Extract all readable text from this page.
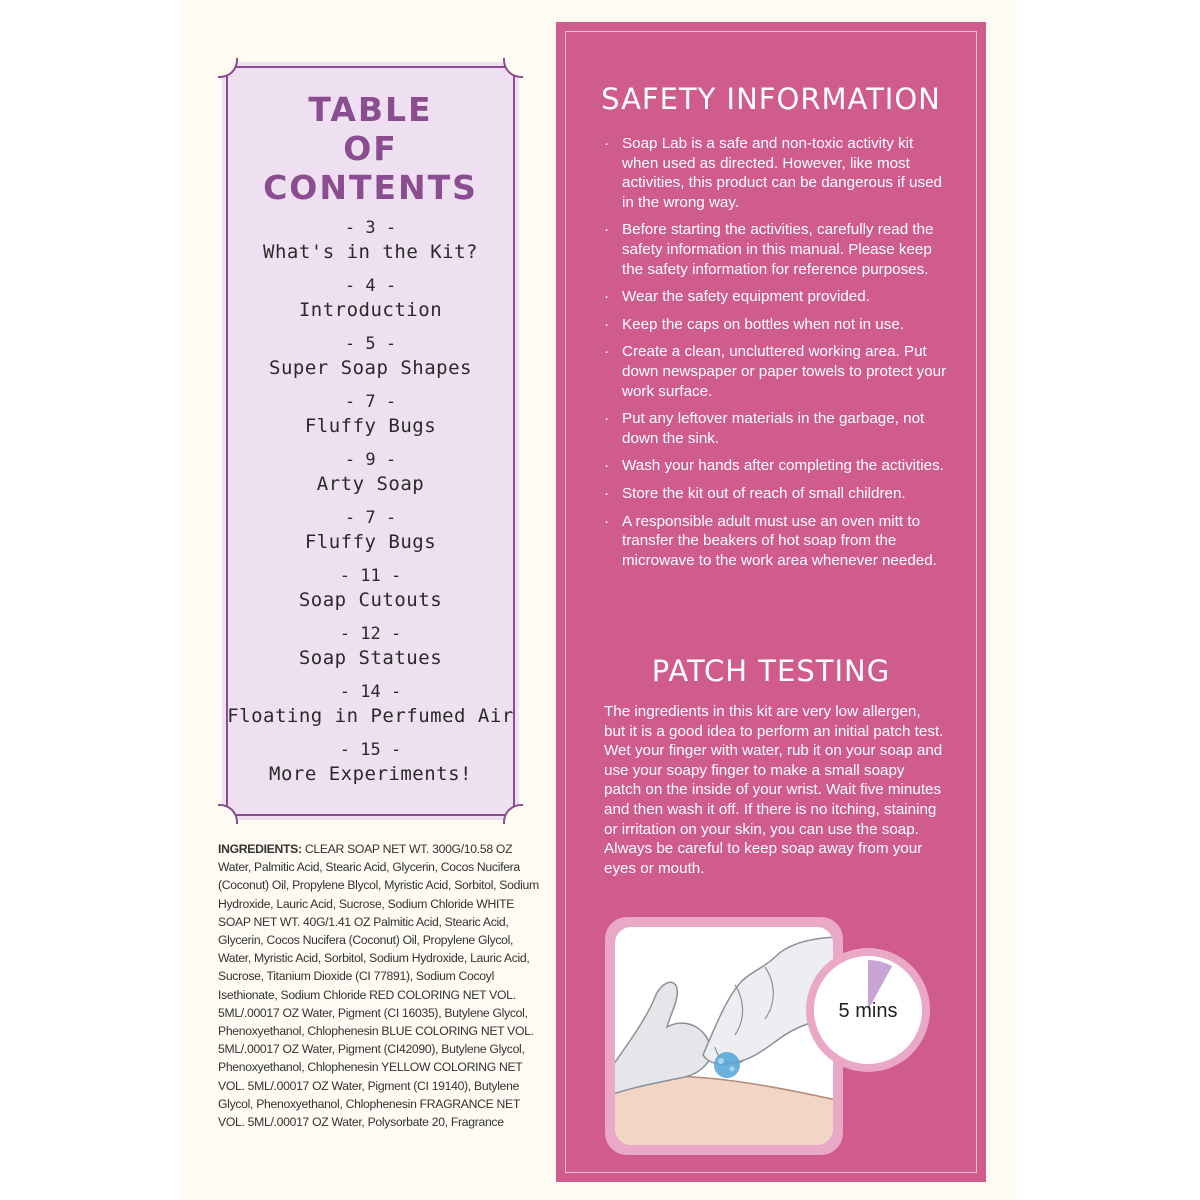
TABLE
OF
CONTENTS
- 3 -
What's in the Kit?
- 4 -
Introduction
- 5 -
Super Soap Shapes
- 7 -
Fluffy Bugs
- 9 -
Arty Soap
- 7 -
Fluffy Bugs
- 11 -
Soap Cutouts
- 12 -
Soap Statues
- 14 -
Floating in Perfumed Air
- 15 -
More Experiments!
INGREDIENTS: CLEAR SOAP NET WT. 300G/10.58 OZ Water, Palmitic Acid, Stearic Acid, Glycerin, Cocos Nucifera (Coconut) Oil, Propylene Blycol, Myristic Acid, Sorbitol, Sodium Hydroxide, Lauric Acid, Sucrose, Sodium Chloride WHITE SOAP NET WT. 40G/1.41 OZ Palmitic Acid, Stearic Acid, Glycerin, Cocos Nucifera (Coconut) Oil, Propylene Glycol, Water, Myristic Acid, Sorbitol, Sodium Hydroxide, Lauric Acid, Sucrose, Titanium Dioxide (CI 77891), Sodium Cocoyl Isethionate, Sodium Chloride RED COLORING NET VOL. 5ML/.00017 OZ Water, Pigment (CI 16035), Butylene Glycol, Phenoxyethanol, Chlophenesin BLUE COLORING NET VOL. 5ML/.00017 OZ Water, Pigment (CI42090), Butylene Glycol, Phenoxyethanol, Chlophenesin YELLOW COLORING NET VOL. 5ML/.00017 OZ Water, Pigment (CI 19140), Butylene Glycol, Phenoxyethanol, Chlophenesin FRAGRANCE NET VOL. 5ML/.00017 OZ Water, Polysorbate 20, Fragrance
SAFETY INFORMATION
· Soap Lab is a safe and non-toxic activity kit when used as directed. However, like most activities, this product can be dangerous if used in the wrong way.
· Before starting the activities, carefully read the safety information in this manual. Please keep the safety information for reference purposes.
· Wear the safety equipment provided.
· Keep the caps on bottles when not in use.
· Create a clean, uncluttered working area. Put down newspaper or paper towels to protect your work surface.
· Put any leftover materials in the garbage, not down the sink.
· Wash your hands after completing the activities.
· Store the kit out of reach of small children.
· A responsible adult must use an oven mitt to transfer the beakers of hot soap from the microwave to the work area whenever needed.
PATCH TESTING

The ingredients in this kit are very low allergen, but it is a good idea to perform an initial patch test. Wet your finger with water, rub it on your soap and use your soapy finger to make a small soapy patch on the inside of your wrist. Wait five minutes and then wash it off. If there is no itching, staining or irritation on your skin, you can use the soap. Always be careful to keep soap away from your eyes or mouth.

5 mins
